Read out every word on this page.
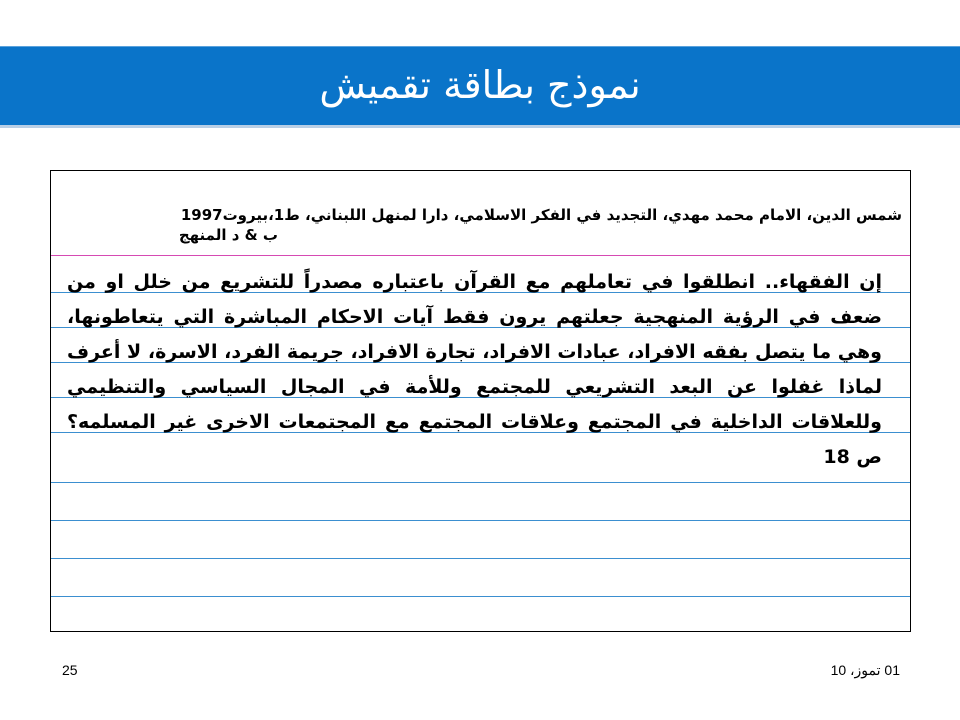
نموذج بطاقة تقميش
شمس الدين، الامام محمد مهدي، التجديد في الفكر الاسلامي، دارا لمنهل اللبناني، ط1،بيروت1997
ب & د المنهج
إن الفقهاء.. انطلقوا في تعاملهم مع القرآن باعتباره مصدراً للتشريع من خلل او من ضعف في الرؤية المنهجية جعلتهم يرون فقط آيات الاحكام المباشرة التي يتعاطونها، وهي ما يتصل بفقه الافراد، عبادات الافراد، تجارة الافراد، جريمة الفرد، الاسرة، لا أعرف لماذا غفلوا عن البعد التشريعي للمجتمع وللأمة في المجال السياسي والتنظيمي وللعلاقات الداخلية في المجتمع وعلاقات المجتمع مع المجتمعات الاخرى غير المسلمه؟ ص 18
25	01 تموز، 10
